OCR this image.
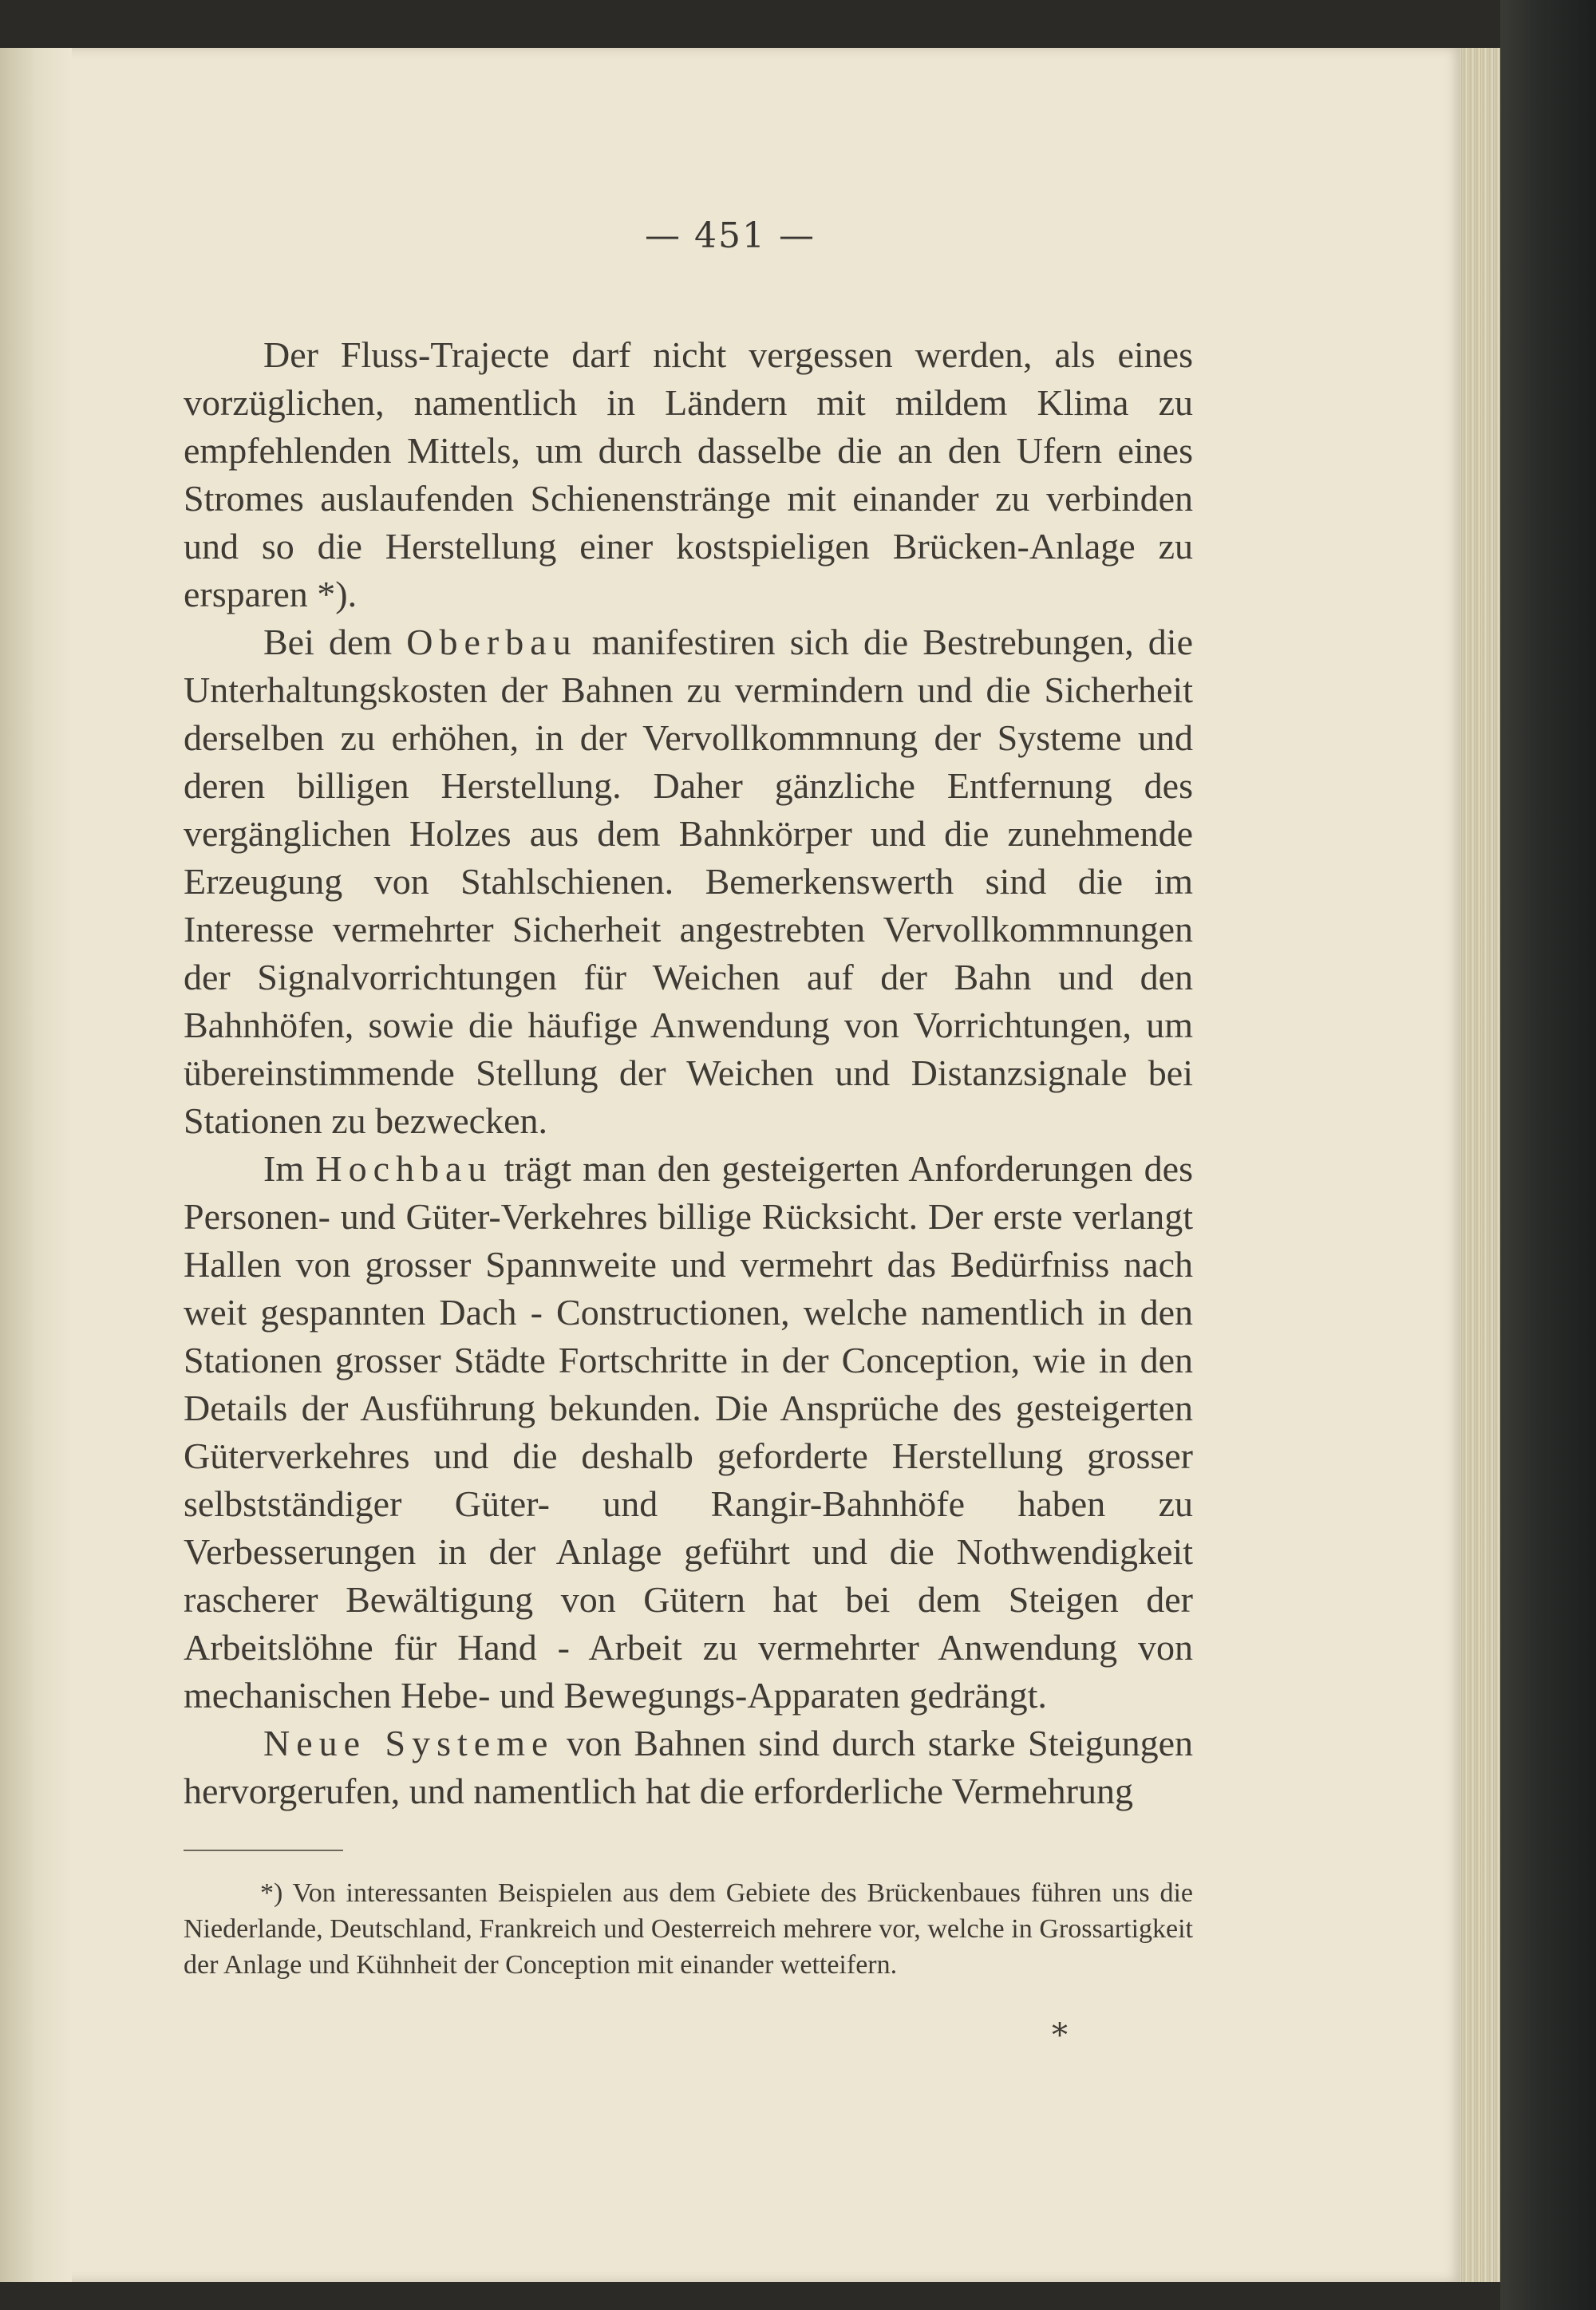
— 451 —

Der Fluss-Trajecte darf nicht vergessen werden, als eines vorzüglichen, namentlich in Ländern mit mildem Klima zu empfehlenden Mittels, um durch dasselbe die an den Ufern eines Stromes auslaufenden Schienenstränge mit einander zu verbinden und so die Herstellung einer kostspieligen Brücken-Anlage zu ersparen *).

Bei dem Oberbau manifestiren sich die Bestrebungen, die Unterhaltungskosten der Bahnen zu vermindern und die Sicherheit derselben zu erhöhen, in der Vervollkommnung der Systeme und deren billigen Herstellung. Daher gänzliche Entfernung des vergänglichen Holzes aus dem Bahnkörper und die zunehmende Erzeugung von Stahlschienen. Bemerkenswerth sind die im Interesse vermehrter Sicherheit angestrebten Vervollkommnungen der Signalvorrichtungen für Weichen auf der Bahn und den Bahnhöfen, sowie die häufige Anwendung von Vorrichtungen, um übereinstimmende Stellung der Weichen und Distanzsignale bei Stationen zu bezwecken.

Im Hochbau trägt man den gesteigerten Anforderungen des Personen- und Güter-Verkehres billige Rücksicht. Der erste verlangt Hallen von grosser Spannweite und vermehrt das Bedürfniss nach weit gespannten Dach - Constructionen, welche namentlich in den Stationen grosser Städte Fortschritte in der Conception, wie in den Details der Ausführung bekunden. Die Ansprüche des gesteigerten Güterverkehres und die deshalb geforderte Herstellung grosser selbstständiger Güter- und Rangir-Bahnhöfe haben zu Verbesserungen in der Anlage geführt und die Nothwendigkeit rascherer Bewältigung von Gütern hat bei dem Steigen der Arbeitslöhne für Hand - Arbeit zu vermehrter Anwendung von mechanischen Hebe- und Bewegungs-Apparaten gedrängt.

Neue Systeme von Bahnen sind durch starke Steigungen hervorgerufen, und namentlich hat die erforderliche Vermehrung

*) Von interessanten Beispielen aus dem Gebiete des Brückenbaues führen uns die Niederlande, Deutschland, Frankreich und Oesterreich mehrere vor, welche in Grossartigkeit der Anlage und Kühnheit der Conception mit einander wetteifern.

*
